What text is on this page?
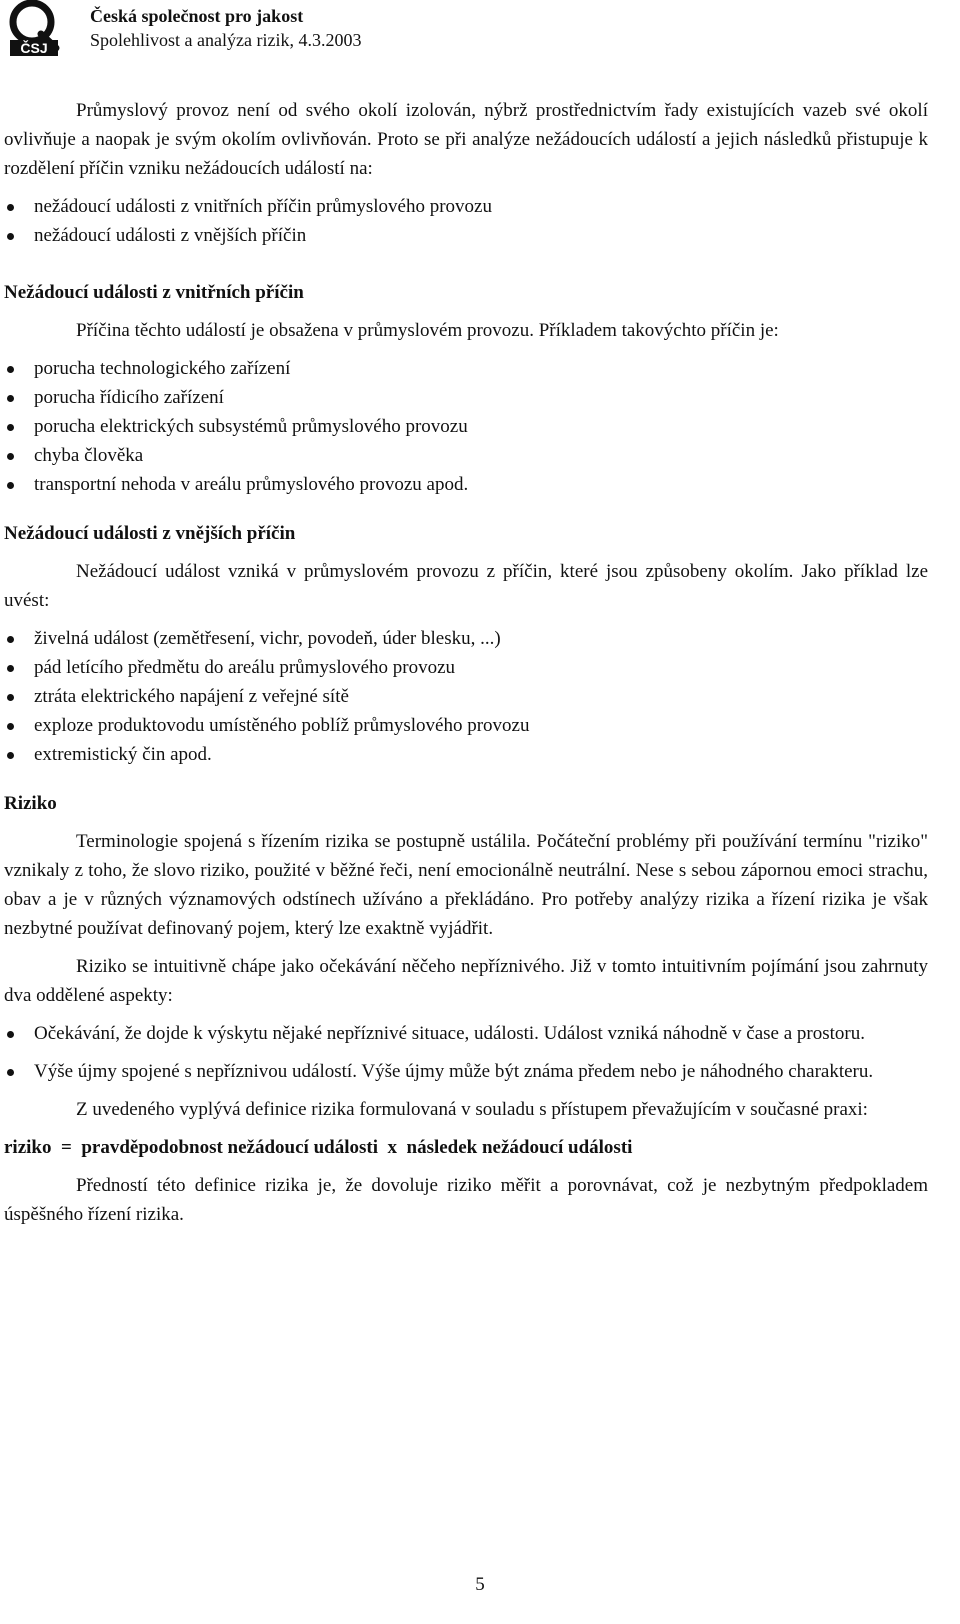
ČSJ
Česká společnost pro jakost
Spolehlivost a analýza rizik, 4.3.2003

Průmyslový provoz není od svého okolí izolován, nýbrž prostřednictvím řady existujících vazeb své okolí ovlivňuje a naopak je svým okolím ovlivňován. Proto se při analýze nežádoucích událostí a jejich následků přistupuje k rozdělení příčin vzniku nežádoucích událostí na:

nežádoucí události z vnitřních příčin průmyslového provozu
nežádoucí události z vnějších příčin
Nežádoucí události z vnitřních příčin

Příčina těchto událostí je obsažena v průmyslovém provozu. Příkladem takovýchto příčin je:

porucha technologického zařízení
porucha řídicího zařízení
porucha elektrických subsystémů průmyslového provozu
chyba člověka
transportní nehoda v areálu průmyslového provozu apod.
Nežádoucí události z vnějších příčin

Nežádoucí událost vzniká v průmyslovém provozu z příčin, které jsou způsobeny okolím. Jako příklad lze uvést:

živelná událost (zemětřesení, vichr, povodeň, úder blesku, ...)
pád letícího předmětu do areálu průmyslového provozu
ztráta elektrického napájení z veřejné sítě
exploze produktovodu umístěného poblíž průmyslového provozu
extremistický čin apod.
Riziko

Terminologie spojená s řízením rizika se postupně ustálila. Počáteční problémy při používání termínu "riziko" vznikaly z toho, že slovo riziko, použité v běžné řeči, není emocionálně neutrální. Nese s sebou zápornou emoci strachu, obav a je v různých významových odstínech užíváno a překládáno. Pro potřeby analýzy rizika a řízení rizika je však nezbytné používat definovaný pojem, který lze exaktně vyjádřit.

Riziko se intuitivně chápe jako očekávání něčeho nepříznivého. Již v tomto intuitivním pojímání jsou zahrnuty dva oddělené aspekty:

Očekávání, že dojde k výskytu nějaké nepříznivé situace, události. Událost vzniká náhodně v čase a prostoru.
Výše újmy spojené s nepříznivou událostí. Výše újmy může být známa předem nebo je náhodného charakteru.

Z uvedeného vyplývá definice rizika formulovaná v souladu s přístupem převažujícím v současné praxi:

riziko  =  pravděpodobnost nežádoucí události  x  následek nežádoucí události

Předností této definice rizika je, že dovoluje riziko měřit a porovnávat, což je nezbytným předpokladem úspěšného řízení rizika.

5
